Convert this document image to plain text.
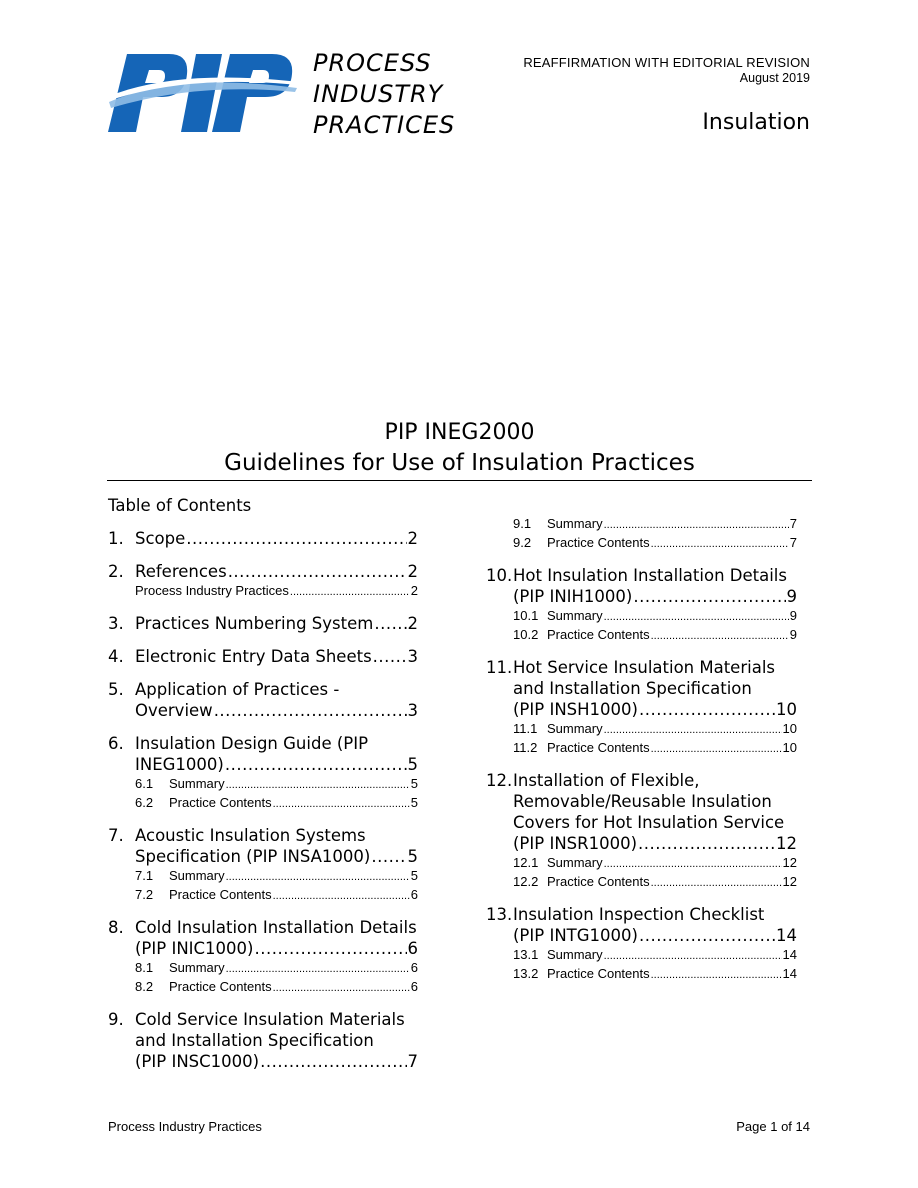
PROCESS
INDUSTRY
PRACTICES
REAFFIRMATION WITH EDITORIAL REVISION
August 2019
Insulation
PIP INEG2000
Guidelines for Use of Insulation Practices
Table of Contents
1. Scope .....	2
2. References .....	2
Process Industry Practices .....	2
3. Practices Numbering System ..... 2
4. Electronic Entry Data Sheets ..... 3
5. Application of Practices -
Overview .....	3
6. Insulation Design Guide (PIP
INEG1000) .....	5
6.1	Summary .....	5
6.2	Practice Contents .....	5
7. Acoustic Insulation Systems
Specification (PIP INSA1000) ..... 5
7.1	Summary .....	5
7.2	Practice Contents .....	6
8. Cold Insulation Installation Details
(PIP INIC1000) .....	6
8.1	Summary .....	6
8.2	Practice Contents .....	6
9. Cold Service Insulation Materials
and Installation Specification
(PIP INSC1000) .....	7
9.1	Summary .....	7
9.2	Practice Contents .....	7
10. Hot Insulation Installation Details
(PIP INIH1000) .....	9
10.1 Summary .....	9
10.2 Practice Contents .....	9
11. Hot Service Insulation Materials
and Installation Specification
(PIP INSH1000) .....	10
11.1 Summary .....	10
11.2 Practice Contents .....	10
12. Installation of Flexible,
Removable/Reusable Insulation
Covers for Hot Insulation Service
(PIP INSR1000) .....	12
12.1 Summary .....	12
12.2 Practice Contents .....	12
13. Insulation Inspection Checklist
(PIP INTG1000) .....	14
13.1 Summary .....	14
13.2 Practice Contents .....	14
Process Industry Practices	Page 1 of 14
